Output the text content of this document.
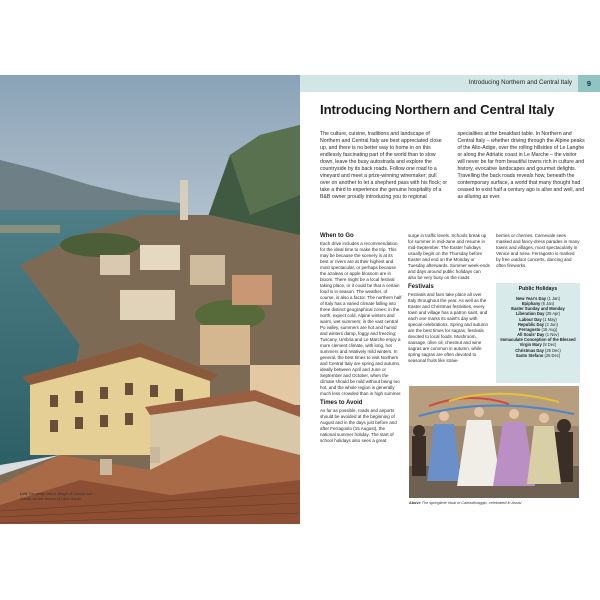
Introducing Northern and Central Italy	9
Introducing Northern and Central Italy

The culture, cuisine, traditions and landscape of Northern and Central Italy are best appreciated close up, and there is no better way to home in on this endlessly fascinating part of the world than to slow down, leave the busy autostrada and explore the countryside by its back roads. Follow one road to a vineyard and meet a prize-winning winemaker; pull over on another to let a shepherd pass with his flock; or take a third to experience the genuine hospitality of a B&B owner proudly introducing you to regional

specialities at the breakfast table. In Northern and Central Italy – whether driving through the Alpine peaks of the Alto-Adige, over the rolling hillsides of Le Langhe or along the Adriatic coast in Le Marche – the visitor will never be far from beautiful towns rich in culture and history, evocative landscapes and gourmet delights. Travelling the back roads reveals how, beneath the contemporary surface, a world that many thought had ceased to exist half a century ago is alive and well, and as alluring as ever.

When to Go

Each drive includes a recommendation for the ideal time to make the trip. This may be because the scenery is at its best or rivers are at their highest and most spectacular, or perhaps because the azaleas or apple blossom are in bloom. There might be a local festival taking place, or it could be that a certain food is in season. The weather, of course, is also a factor. The northern half of Italy has a varied climate falling into three distinct geographical zones: in the north, expect cold, Alpine winters and warm, wet summers; in the vast central Po valley, summers are hot and humid and winters damp, foggy and freezing; Tuscany, Umbria and Le Marche enjoy a more clement climate, with long, hot summers and relatively mild winters. In general, the best times to visit Northern and Central Italy are spring and autumn, ideally between April and June or September and October, when the climate should be mild without being too hot, and the whole region is generally much less crowded than in high summer.

Times to Avoid

As far as possible, roads and airports should be avoided at the beginning of August and in the days just before and after Ferragosto (15 August), the national summer holiday. The start of school holidays also sees a great

surge in traffic levels. Schools break up for summer in mid-June and resume in mid-September. The Easter holidays usually begin on the Thursday before Easter and end on the Monday or Tuesday afterwards. Summer week-ends and days around public holidays can also be very busy on the roads.

Festivals

Festivals and fairs take place all over Italy throughout the year. As well as the Easter and Christmas festivities, every town and village has a patron saint, and each one marks its saint's day with special celebrations. Spring and autumn are the best times for sagras, festivals devoted to local foods. Mushroom, sausage, olive oil, chestnut and wine sagras are common in autumn, while spring sagras are often devoted to seasonal fruits like straw-

berries or cherries. Carnevale sees masked and fancy-dress parades in many towns and villages, most spectacularly in Venice and Ivrea. Ferragosto is marked by free outdoor concerts, dancing and often fireworks.

Public Holidays
New Year's Day (1 Jan)
Epiphany (6 Jan)
Easter Sunday and Monday
Liberation Day (25 Apr)
Labour Day (1 May)
Republic Day (2 Jun)
Ferragosto (15 Aug)
All Souls' Day (1 Nov)
Immaculate Conception of the Blessed Virgin Mary (8 Dec)
Christmas Day (25 Dec)
Santo Stefano (26 Dec)
Above The springtime ritual of Calendimaggio, celebrated in Assisi
Left The pretty resort village of Limone sul Garda, on the shores of Lake Garda
